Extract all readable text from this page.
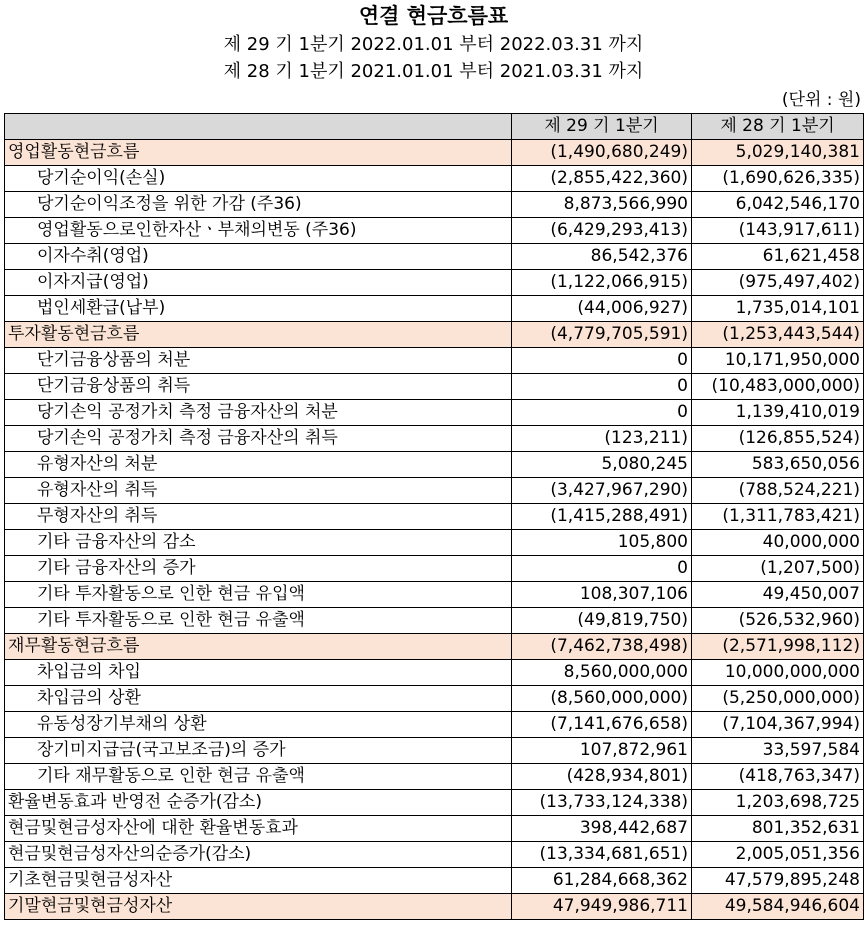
연결 현금흐름표
제 29 기 1분기 2022.01.01 부터 2022.03.31 까지
제 28 기 1분기 2021.01.01 부터 2021.03.31 까지
(단위 : 원)
	제 29 기 1분기	제 28 기 1분기
영업활동현금흐름	(1,490,680,249)	5,029,140,381
당기순이익(손실)	(2,855,422,360)	(1,690,626,335)
당기순이익조정을 위한 가감 (주36)	8,873,566,990	6,042,546,170
영업활동으로인한자산ㆍ부채의변동 (주36)	(6,429,293,413)	(143,917,611)
이자수취(영업)	86,542,376	61,621,458
이자지급(영업)	(1,122,066,915)	(975,497,402)
법인세환급(납부)	(44,006,927)	1,735,014,101
투자활동현금흐름	(4,779,705,591)	(1,253,443,544)
단기금융상품의 처분	0	10,171,950,000
단기금융상품의 취득	0	(10,483,000,000)
당기손익 공정가치 측정 금융자산의 처분	0	1,139,410,019
당기손익 공정가치 측정 금융자산의 취득	(123,211)	(126,855,524)
유형자산의 처분	5,080,245	583,650,056
유형자산의 취득	(3,427,967,290)	(788,524,221)
무형자산의 취득	(1,415,288,491)	(1,311,783,421)
기타 금융자산의 감소	105,800	40,000,000
기타 금융자산의 증가	0	(1,207,500)
기타 투자활동으로 인한 현금 유입액	108,307,106	49,450,007
기타 투자활동으로 인한 현금 유출액	(49,819,750)	(526,532,960)
재무활동현금흐름	(7,462,738,498)	(2,571,998,112)
차입금의 차입	8,560,000,000	10,000,000,000
차입금의 상환	(8,560,000,000)	(5,250,000,000)
유동성장기부채의 상환	(7,141,676,658)	(7,104,367,994)
장기미지급금(국고보조금)의 증가	107,872,961	33,597,584
기타 재무활동으로 인한 현금 유출액	(428,934,801)	(418,763,347)
환율변동효과 반영전 순증가(감소)	(13,733,124,338)	1,203,698,725
현금및현금성자산에 대한 환율변동효과	398,442,687	801,352,631
현금및현금성자산의순증가(감소)	(13,334,681,651)	2,005,051,356
기초현금및현금성자산	61,284,668,362	47,579,895,248
기말현금및현금성자산	47,949,986,711	49,584,946,604
